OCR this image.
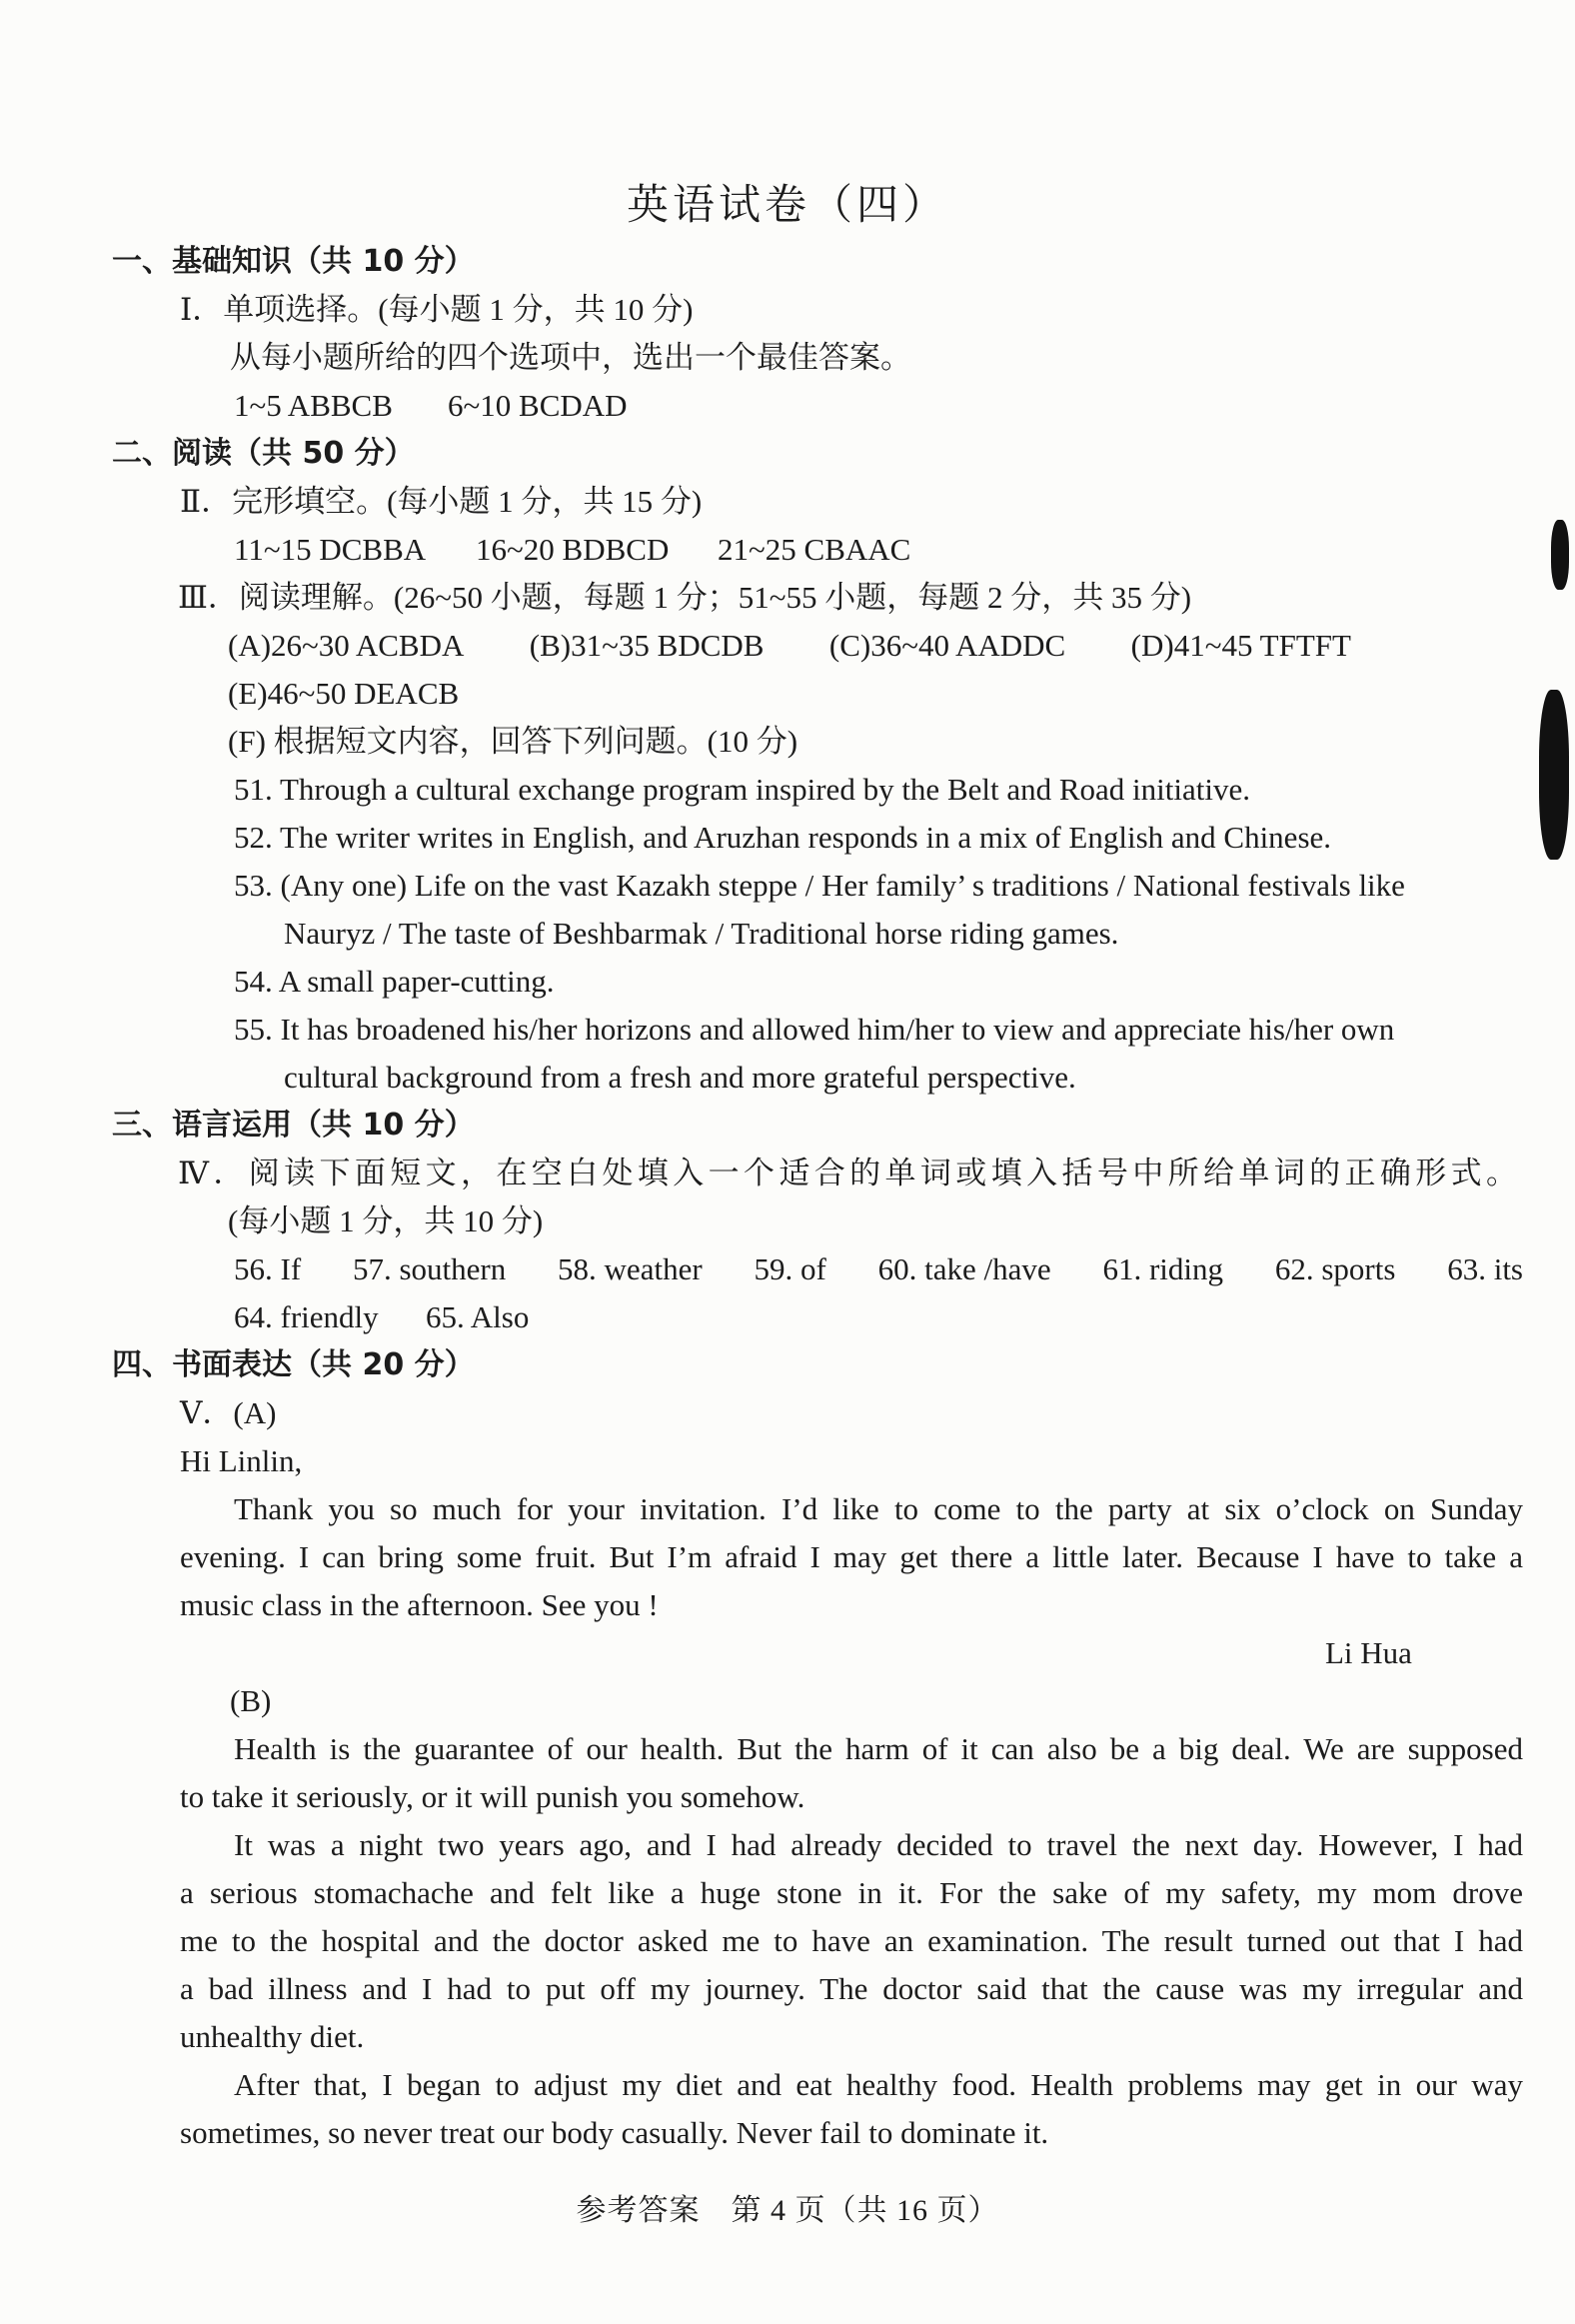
英语试卷（四）
一、基础知识（共 10 分）
Ⅰ．单项选择。(每小题 1 分，共 10 分)
从每小题所给的四个选项中，选出一个最佳答案。
1~5 ABBCB 6~10 BCDAD
二、阅读（共 50 分）
Ⅱ．完形填空。(每小题 1 分，共 15 分)
11~15 DCBBA 16~20 BDBCD 21~25 CBAAC
Ⅲ．阅读理解。(26~50 小题，每题 1 分；51~55 小题，每题 2 分，共 35 分)
(A)26~30 ACBDA (B)31~35 BDCDB (C)36~40 AADDC (D)41~45 TFTFT
(E)46~50 DEACB
(F) 根据短文内容，回答下列问题。(10 分)
51. Through a cultural exchange program inspired by the Belt and Road initiative.
52. The writer writes in English, and Aruzhan responds in a mix of English and Chinese.
53. (Any one) Life on the vast Kazakh steppe / Her family’ s traditions / National festivals like
Nauryz / The taste of Beshbarmak / Traditional horse riding games.
54. A small paper-cutting.
55. It has broadened his/her horizons and allowed him/her to view and appreciate his/her own
cultural background from a fresh and more grateful perspective.
三、语言运用（共 10 分）
Ⅳ．阅读下面短文，在空白处填入一个适合的单词或填入括号中所给单词的正确形式。
(每小题 1 分，共 10 分)
56. If 57. southern 58. weather 59. of 60. take /have 61. riding 62. sports 63. its
64. friendly 65. Also
四、书面表达（共 20 分）
Ⅴ．(A)
Hi Linlin,
Thank you so much for your invitation. I’d like to come to the party at six o’clock on Sunday
evening. I can bring some fruit. But I’m afraid I may get there a little later. Because I have to take a
music class in the afternoon. See you !
Li Hua
(B)
Health is the guarantee of our health. But the harm of it can also be a big deal. We are supposed
to take it seriously, or it will punish you somehow.
It was a night two years ago, and I had already decided to travel the next day. However, I had
a serious stomachache and felt like a huge stone in it. For the sake of my safety, my mom drove
me to the hospital and the doctor asked me to have an examination. The result turned out that I had
a bad illness and I had to put off my journey. The doctor said that the cause was my irregular and
unhealthy diet.
After that, I began to adjust my diet and eat healthy food. Health problems may get in our way
sometimes, so never treat our body casually. Never fail to dominate it.
参考答案　第 4 页（共 16 页）
